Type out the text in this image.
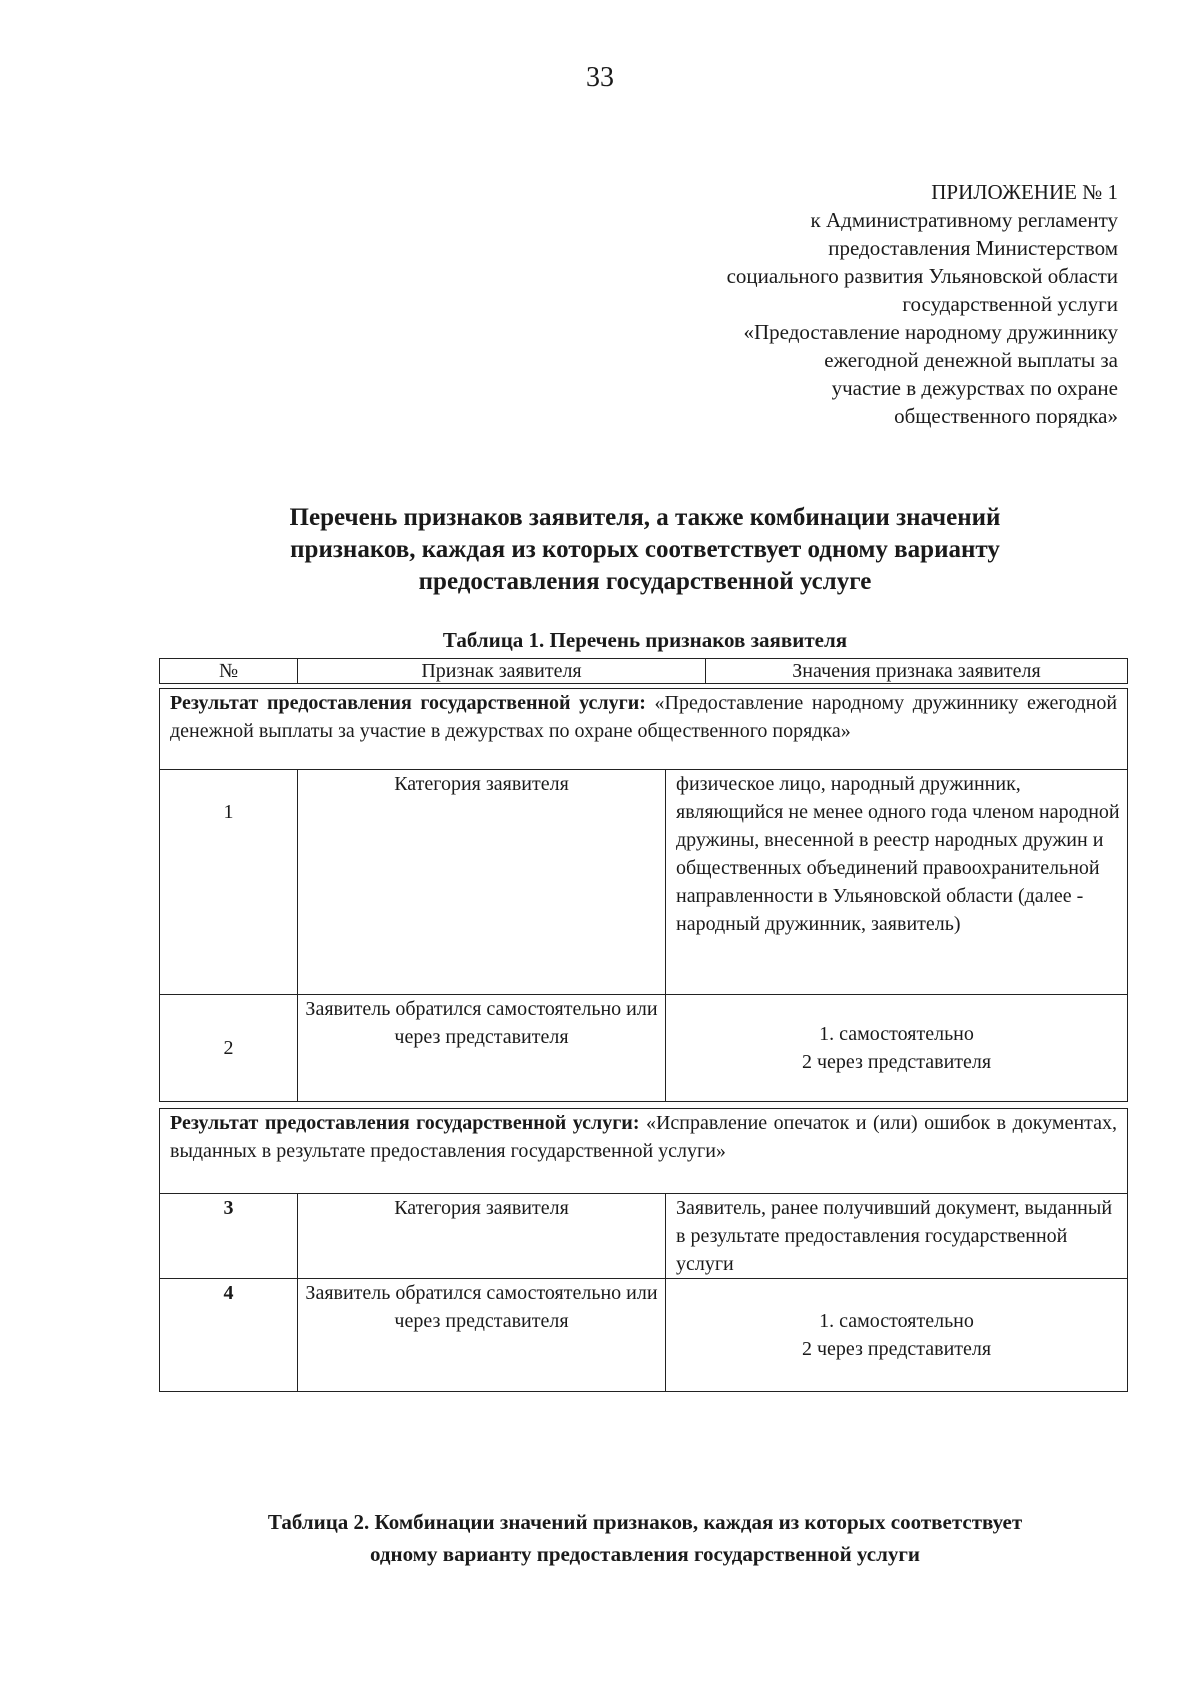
33
ПРИЛОЖЕНИЕ № 1
к Административному регламенту
предоставления Министерством
социального развития Ульяновской области
государственной услуги
«Предоставление народному дружиннику
ежегодной денежной выплаты за
участие в дежурствах по охране
общественного порядка»
Перечень признаков заявителя, а также комбинации значений
признаков, каждая из которых соответствует одному варианту
предоставления государственной услуге
Таблица 1. Перечень признаков заявителя
№	Признак заявителя	Значения признака заявителя
Результат предоставления государственной услуги: «Предоставление народному дружиннику ежегодной денежной выплаты за участие в дежурствах по охране общественного порядка»		

1	Категория заявителя	физическое лицо, народный дружинник, являющийся не менее одного года членом народной дружины, внесенной в реестр народных дружин и общественных объединений правоохранительной направленности в Ульяновской области (далее - народный дружинник, заявитель)
2	Заявитель обратился самостоятельно или через представителя	1. самостоятельно
2 через представителя
Результат предоставления государственной услуги: «Исправление опечаток и (или) ошибок в документах, выданных в результате предоставления государственной услуги»		
3	Категория заявителя	Заявитель, ранее получивший документ, выданный в результате предоставления государственной услуги
4	Заявитель обратился самостоятельно или через представителя	1. самостоятельно
2 через представителя
Таблица 2. Комбинации значений признаков, каждая из которых соответствует
одному варианту предоставления государственной услуги
